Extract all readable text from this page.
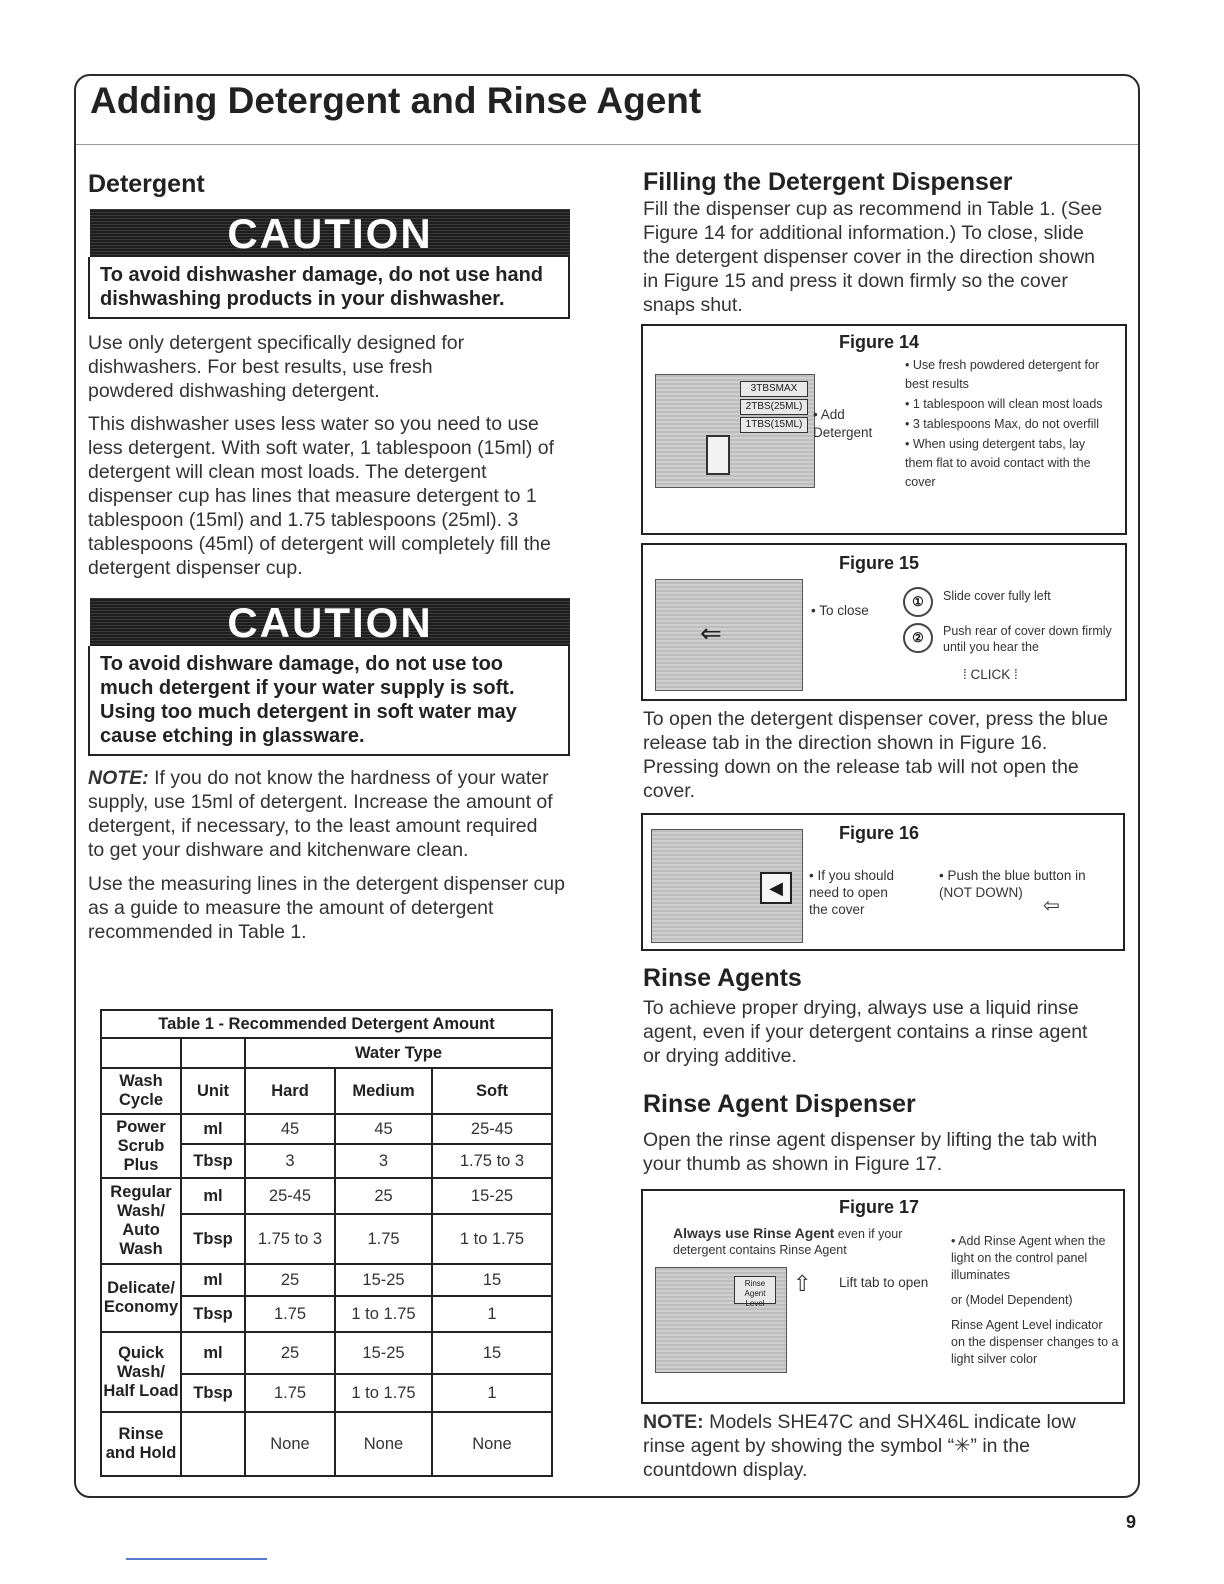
Adding Detergent and Rinse Agent
Detergent
CAUTION

To avoid dishwasher damage, do not use hand dishwashing products in your dishwasher.

Use only detergent specifically designed for dishwashers. For best results, use fresh powdered dishwashing detergent.

This dishwasher uses less water so you need to use less detergent. With soft water, 1 tablespoon (15ml) of detergent will clean most loads. The detergent dispenser cup has lines that measure detergent to 1 tablespoon (15ml) and 1.75 tablespoons (25ml). 3 tablespoons (45ml) of detergent will completely fill the detergent dispenser cup.

CAUTION

To avoid dishware damage, do not use too much detergent if your water supply is soft. Using too much detergent in soft water may cause etching in glassware.

NOTE: If you do not know the hardness of your water supply, use 15ml of detergent. Increase the amount of detergent, if necessary, to the least amount required to get your dishware and kitchenware clean.

Use the measuring lines in the detergent dispenser cup as a guide to measure the amount of detergent recommended in Table 1.

Table 1 - Recommended Detergent Amount				
		Water Type		
Wash Cycle	Unit	Hard	Medium	Soft
Power Scrub Plus	ml	45	45	25-45
	Tbsp	3	3	1.75 to 3
Regular Wash/ Auto Wash	ml	25-45	25	15-25
	Tbsp	1.75 to 3	1.75	1 to 1.75
Delicate/ Economy	ml	25	15-25	15
	Tbsp	1.75	1 to 1.75	1
Quick Wash/ Half Load	ml	25	15-25	15
	Tbsp	1.75	1 to 1.75	1
Rinse and Hold		None	None	None
Filling the Detergent Dispenser

Fill the dispenser cup as recommend in Table 1. (See Figure 14 for additional information.) To close, slide the detergent dispenser cover in the direction shown in Figure 15 and press it down firmly so the cover snaps shut.

Figure 14
3TBSMAX
2TBS(25ML)
1TBS(15ML)
• Add Detergent
• Use fresh powdered detergent for best results
• 1 tablespoon will clean most loads
• 3 tablespoons Max, do not overfill
• When using detergent tabs, lay them flat to avoid contact with the cover
Figure 15
⇐
• To close
①	Slide cover fully left
②	Push rear of cover down firmly until you hear the
⁞ CLICK ⁞

To open the detergent dispenser cover, press the blue release tab in the direction shown in Figure 16. Pressing down on the release tab will not open the cover.

Figure 16
◀
• If you should need to open the cover
• Push the blue button in (NOT DOWN)
⇦
Rinse Agents

To achieve proper drying, always use a liquid rinse agent, even if your detergent contains a rinse agent or drying additive.

Rinse Agent Dispenser

Open the rinse agent dispenser by lifting the tab with your thumb as shown in Figure 17.

Figure 17
Always use Rinse Agent even if your detergent contains Rinse Agent
Rinse Agent Level
⇧ Lift tab to open
• Add Rinse Agent when the light on the control panel illuminates
or (Model Dependent)
Rinse Agent Level indicator on the dispenser changes to a light silver color

NOTE: Models SHE47C and SHX46L indicate low rinse agent by showing the symbol “✳” in the countdown display.

9
